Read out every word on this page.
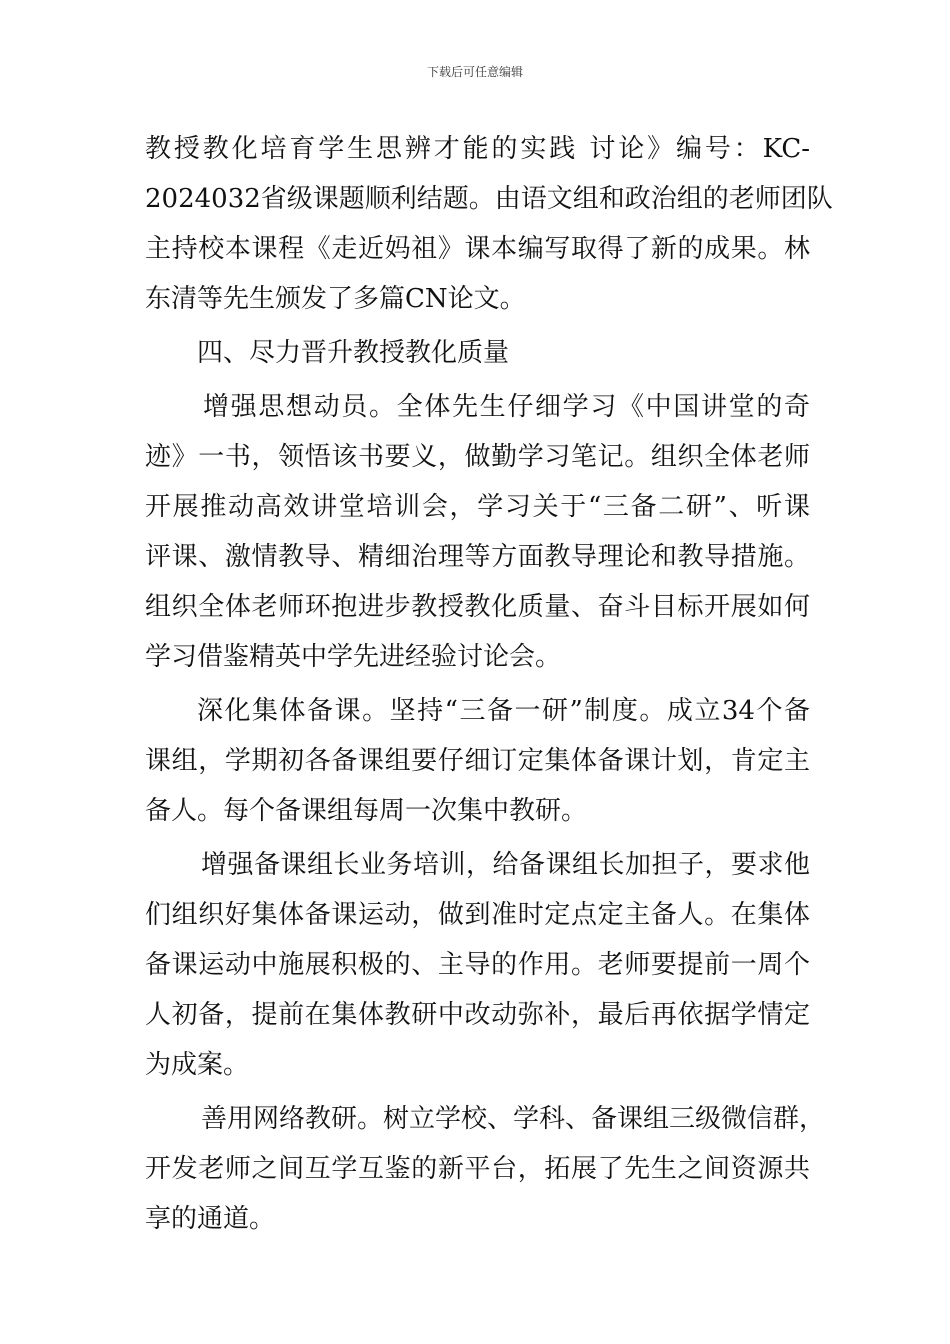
下载后可任意编辑
教授教化培育学生思辨才能的实践 讨论》编号：KC-
2024032省级课题顺利结题。由语文组和政治组的老师团队
主持校本课程《走近妈祖》课本编写取得了新的成果。林
东清等先生颁发了多篇CN论文。
四、尽力晋升教授教化质量
增强思想动员。全体先生仔细学习《中国讲堂的奇
迹》一书，领悟该书要义，做勤学习笔记。组织全体老师
开展推动高效讲堂培训会，学习关于“三备二研”、听课
评课、激情教导、精细治理等方面教导理论和教导措施。
组织全体老师环抱进步教授教化质量、奋斗目标开展如何
学习借鉴精英中学先进经验讨论会。
深化集体备课。坚持“三备一研”制度。成立34个备
课组，学期初各备课组要仔细订定集体备课计划，肯定主
备人。每个备课组每周一次集中教研。
增强备课组长业务培训，给备课组长加担子，要求他
们组织好集体备课运动，做到准时定点定主备人。在集体
备课运动中施展积极的、主导的作用。老师要提前一周个
人初备，提前在集体教研中改动弥补，最后再依据学情定
为成案。
善用网络教研。树立学校、学科、备课组三级微信群，
开发老师之间互学互鉴的新平台，拓展了先生之间资源共
享的通道。
